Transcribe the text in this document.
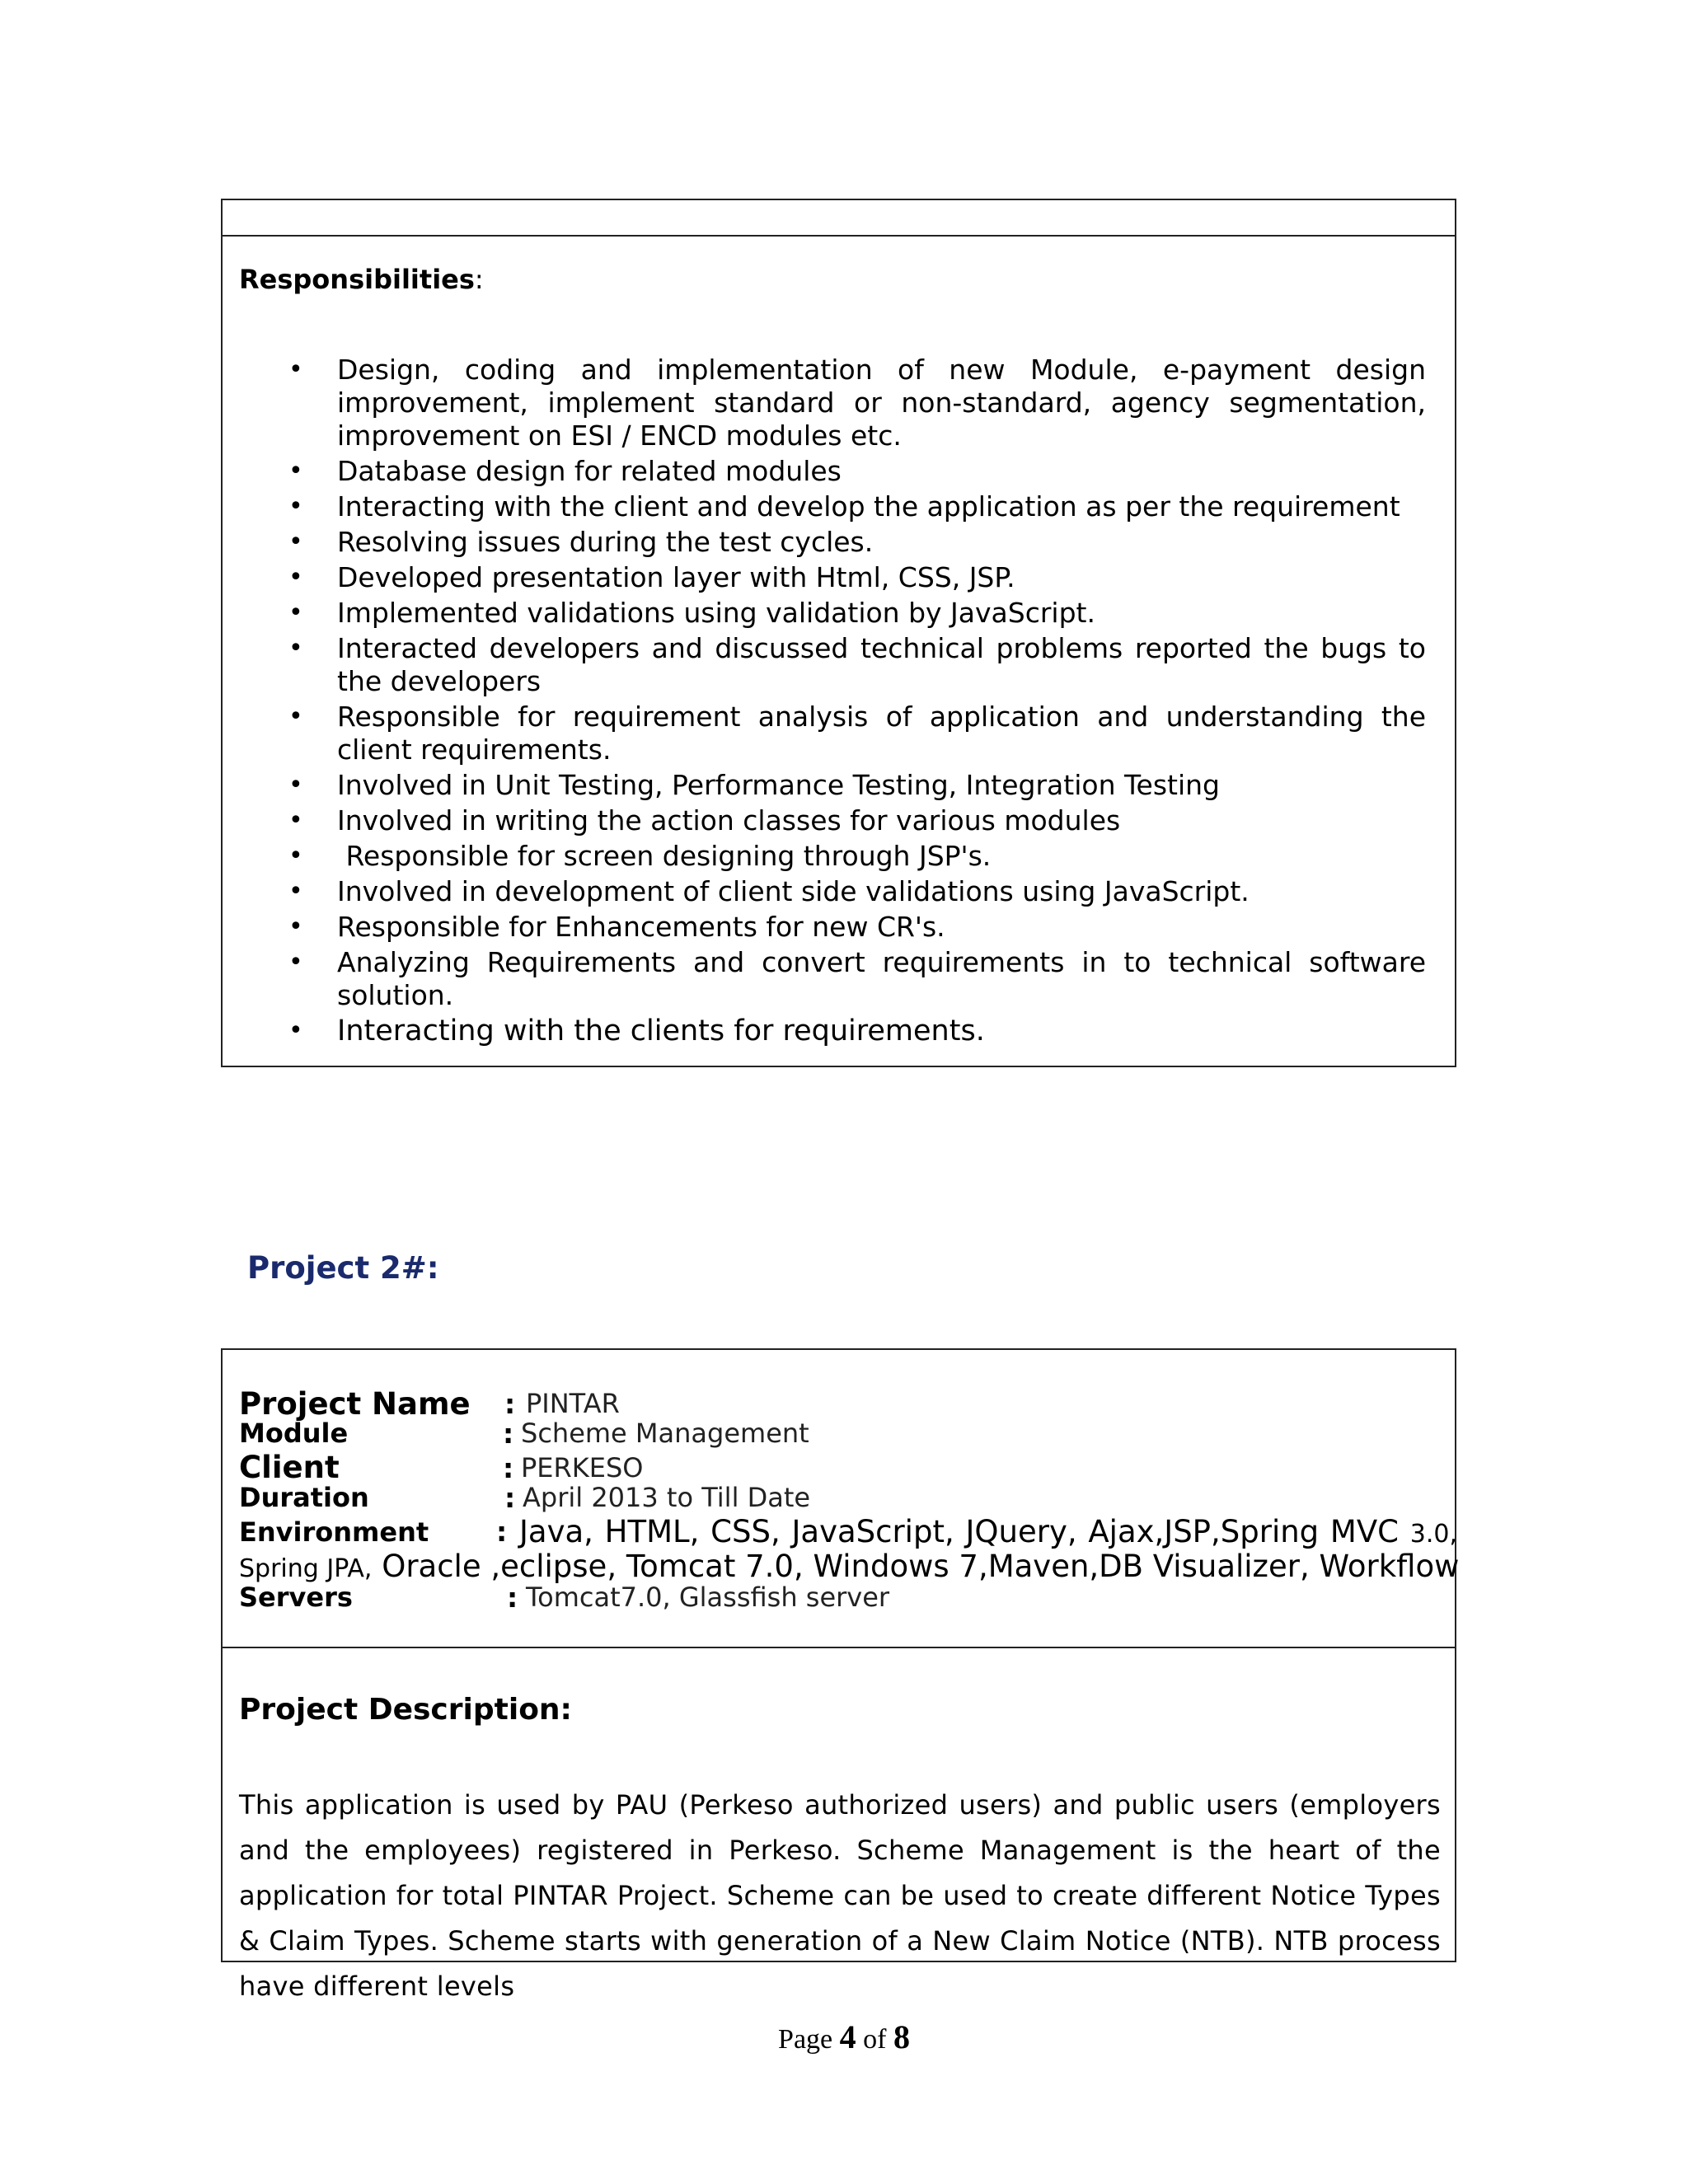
Responsibilities:
• Design, coding and implementation of new Module, e-payment design improvement, implement standard or non-standard, agency segmentation, improvement on ESI / ENCD modules etc.
• Database design for related modules
• Interacting with the client and develop the application as per the requirement
• Resolving issues during the test cycles.
• Developed presentation layer with Html, CSS, JSP.
• Implemented validations using validation by JavaScript.
• Interacted developers and discussed technical problems reported the bugs to the developers
• Responsible for requirement analysis of application and understanding the client requirements.
• Involved in Unit Testing, Performance Testing, Integration Testing
• Involved in writing the action classes for various modules
• Responsible for screen designing through JSP's.
• Involved in development of client side validations using JavaScript.
• Responsible for Enhancements for new CR's.
• Analyzing Requirements and convert requirements in to technical software solution.
• Interacting with the clients for requirements.
Project 2#:
Project Name : PINTAR
Module	: Scheme Management
Client	: PERKESO
Duration	: April 2013 to Till Date
Environment : Java, HTML, CSS, JavaScript, JQuery, Ajax,JSP,Spring MVC 3.0,
Spring JPA, Oracle ,eclipse, Tomcat 7.0, Windows 7,Maven,DB Visualizer, Workflow
Servers	: Tomcat7.0, Glassfish server
Project Description:
This application is used by PAU (Perkeso authorized users) and public users (employers and the employees) registered in Perkeso. Scheme Management is the heart of the application for total PINTAR Project. Scheme can be used to create different Notice Types & Claim Types. Scheme starts with generation of a New Claim Notice (NTB). NTB process have different levels
Page 4 of 8
